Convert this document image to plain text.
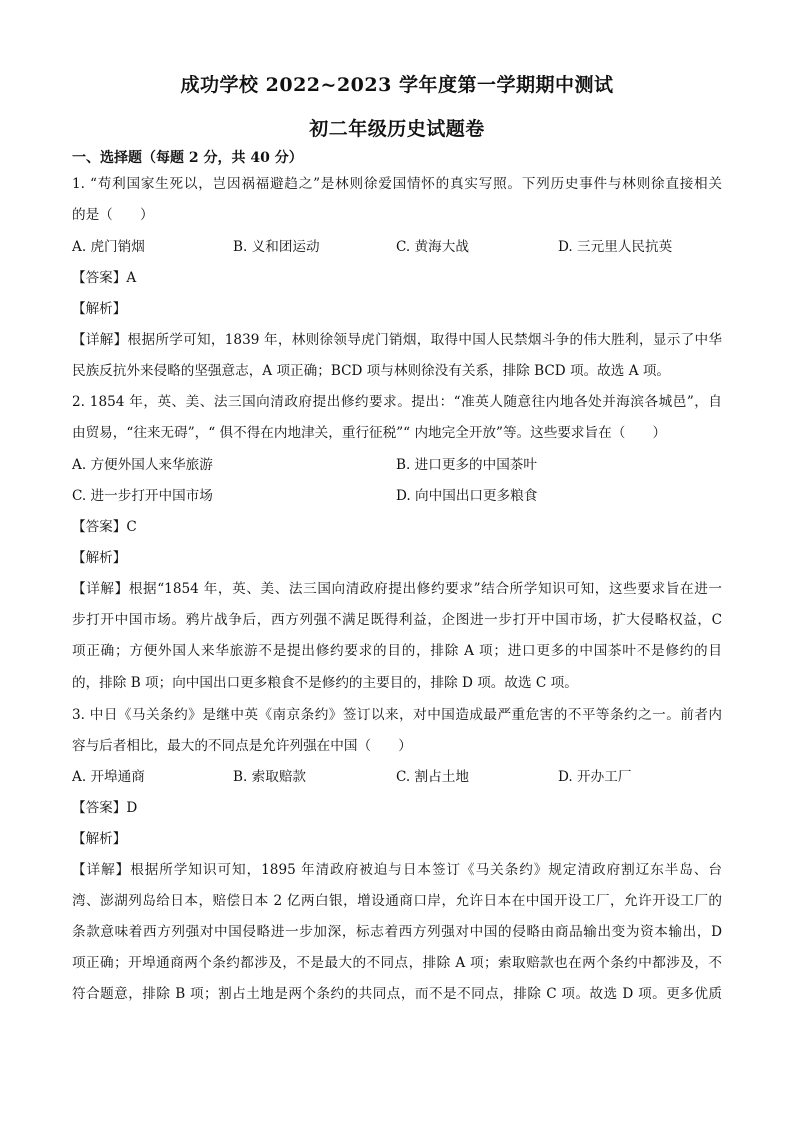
成功学校 2022~2023 学年度第一学期期中测试
初二年级历史试题卷
一、选择题（每题 2 分，共 40 分）
1. “苟利国家生死以，岂因祸福避趋之”是林则徐爱国情怀的真实写照。下列历史事件与林则徐直接相关
的是（　　）
A. 虎门销烟	B. 义和团运动	C. 黄海大战	D. 三元里人民抗英
【答案】A
【解析】
【详解】根据所学可知，1839 年，林则徐领导虎门销烟，取得中国人民禁烟斗争的伟大胜利，显示了中华
民族反抗外来侵略的坚强意志，A 项正确；BCD 项与林则徐没有关系，排除 BCD 项。故选 A 项。
2. 1854 年，英、美、法三国向清政府提出修约要求。提出：“准英人随意往内地各处并海滨各城邑”，自
由贸易，“往来无碍”，“ 俱不得在内地津关，重行征税”“ 内地完全开放”等。这些要求旨在（　　）
A. 方便外国人来华旅游	B. 进口更多的中国茶叶
C. 进一步打开中国市场	D. 向中国出口更多粮食
【答案】C
【解析】
【详解】根据“1854 年，英、美、法三国向清政府提出修约要求”结合所学知识可知，这些要求旨在进一
步打开中国市场。鸦片战争后，西方列强不满足既得利益，企图进一步打开中国市场，扩大侵略权益，C
项正确；方便外国人来华旅游不是提出修约要求的目的，排除 A 项；进口更多的中国茶叶不是修约的目
的，排除 B 项；向中国出口更多粮食不是修约的主要目的，排除 D 项。故选 C 项。
3. 中日《马关条约》是继中英《南京条约》签订以来，对中国造成最严重危害的不平等条约之一。前者内
容与后者相比，最大的不同点是允许列强在中国（　　）
A. 开埠通商	B. 索取赔款	C. 割占土地	D. 开办工厂
【答案】D
【解析】
【详解】根据所学知识可知，1895 年清政府被迫与日本签订《马关条约》规定清政府割辽东半岛、台
湾、澎湖列岛给日本，赔偿日本 2 亿两白银，增设通商口岸，允许日本在中国开设工厂，允许开设工厂的
条款意味着西方列强对中国侵略进一步加深，标志着西方列强对中国的侵略由商品输出变为资本输出，D
项正确；开埠通商两个条约都涉及，不是最大的不同点，排除 A 项；索取赔款也在两个条约中都涉及，不
符合题意，排除 B 项；割占土地是两个条约的共同点，而不是不同点，排除 C 项。故选 D 项。更多优质
